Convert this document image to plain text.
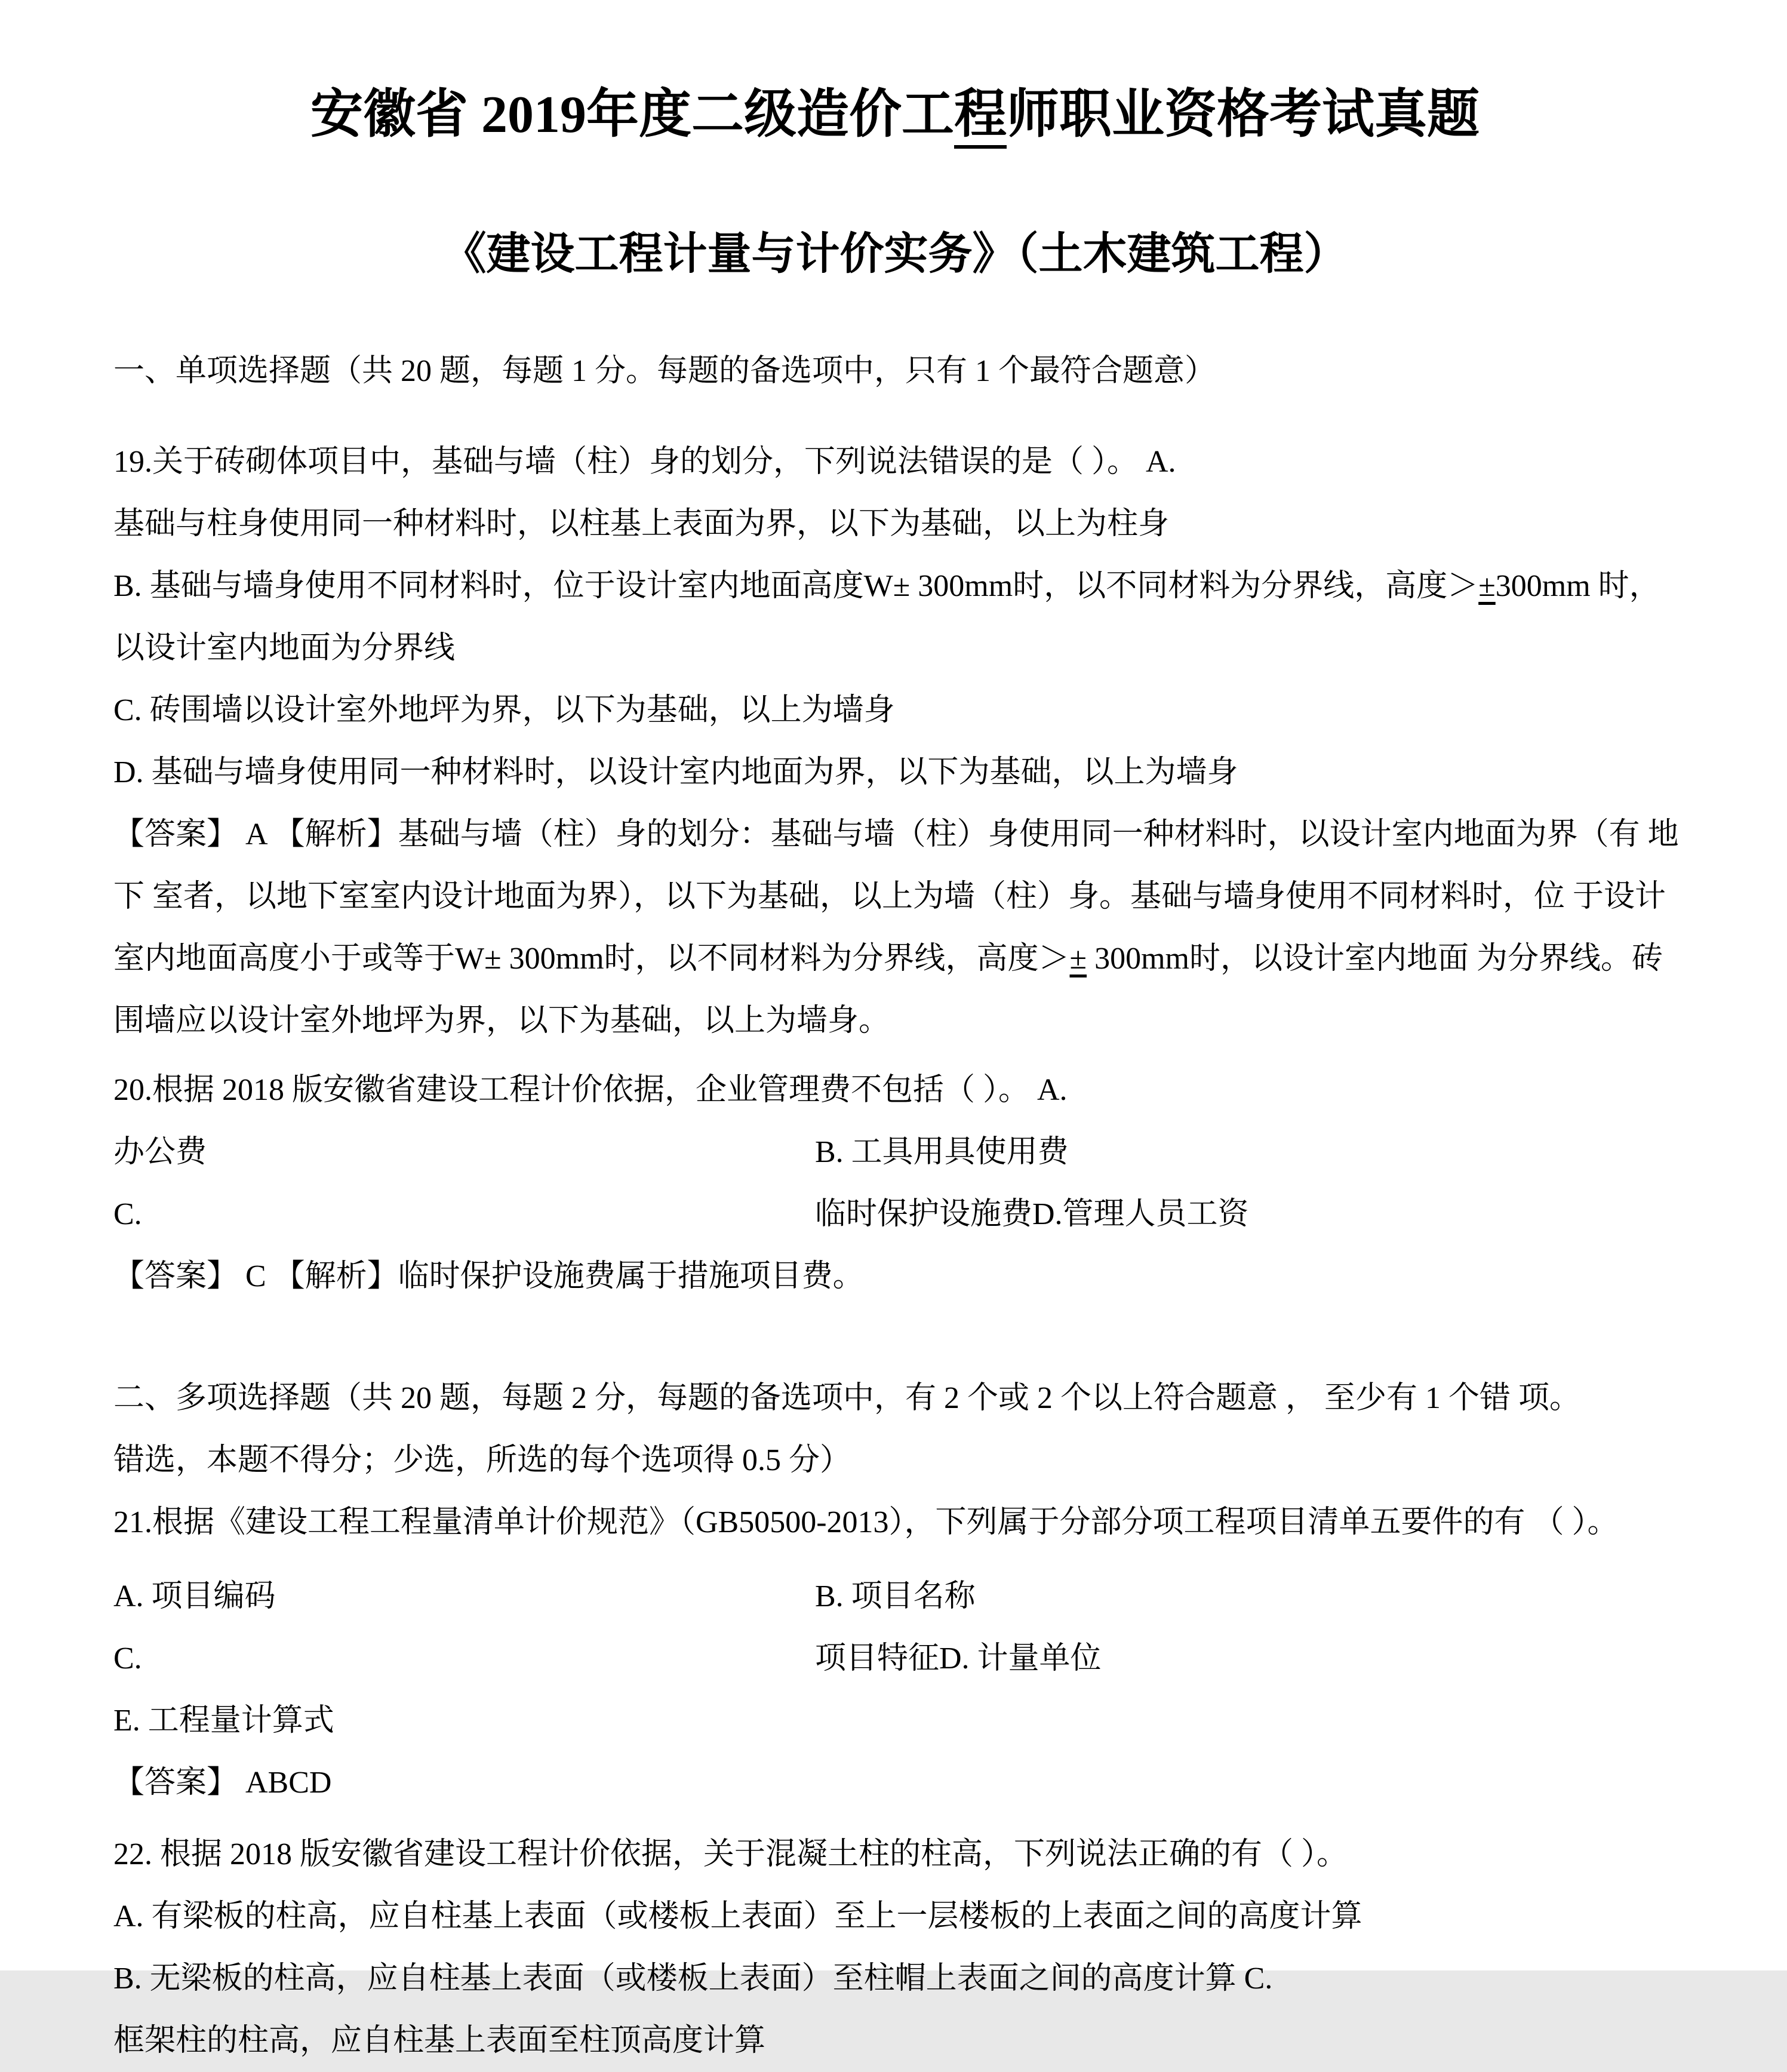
安徽省 2019年度二级造价工程师职业资格考试真题

《建设工程计量与计价实务》（土木建筑工程）

一、单项选择题（共 20 题，每题 1 分。每题的备选项中，只有 1 个最符合题意）

19.关于砖砌体项目中，基础与墙（柱）身的划分，下列说法错误的是（ ）。 A.

基础与柱身使用同一种材料时，以柱基上表面为界，以下为基础，以上为柱身

B. 基础与墙身使用不同材料时，位于设计室内地面高度W± 300mm时，以不同材料为分界线，高度＞±300mm 时，

以设计室内地面为分界线

C. 砖围墙以设计室外地坪为界，以下为基础，以上为墙身

D. 基础与墙身使用同一种材料时，以设计室内地面为界，以下为基础，以上为墙身

【答案】 A 【解析】基础与墙（柱）身的划分：基础与墙（柱）身使用同一种材料时，以设计室内地面为界（有 地

下 室者，以地下室室内设计地面为界），以下为基础，以上为墙（柱）身。基础与墙身使用不同材料时，位 于设计

室内地面高度小于或等于W± 300mm时，以不同材料为分界线，高度＞± 300mm时，以设计室内地面 为分界线。砖

围墙应以设计室外地坪为界，以下为基础，以上为墙身。

20.根据 2018 版安徽省建设工程计价依据，企业管理费不包括（ ）。 A.

办公费	B. 工具用具使用费

C.	临时保护设施费D.管理人员工资

【答案】 C 【解析】临时保护设施费属于措施项目费。

二、多项选择题（共 20 题，每题 2 分，每题的备选项中，有 2 个或 2 个以上符合题意 ， 至少有 1 个错 项。

错选，本题不得分；少选，所选的每个选项得 0.5 分）

21.根据《建设工程工程量清单计价规范》（GB50500-2013），下列属于分部分项工程项目清单五要件的有 （ ）。

A. 项目编码	B. 项目名称

C.	项目特征D. 计量单位

E. 工程量计算式

【答案】 ABCD

22. 根据 2018 版安徽省建设工程计价依据，关于混凝土柱的柱高，下列说法正确的有（ ）。

A. 有梁板的柱高，应自柱基上表面（或楼板上表面）至上一层楼板的上表面之间的高度计算

B. 无梁板的柱高，应自柱基上表面（或楼板上表面）至柱帽上表面之间的高度计算 C.

框架柱的柱高，应自柱基上表面至柱顶高度计算
